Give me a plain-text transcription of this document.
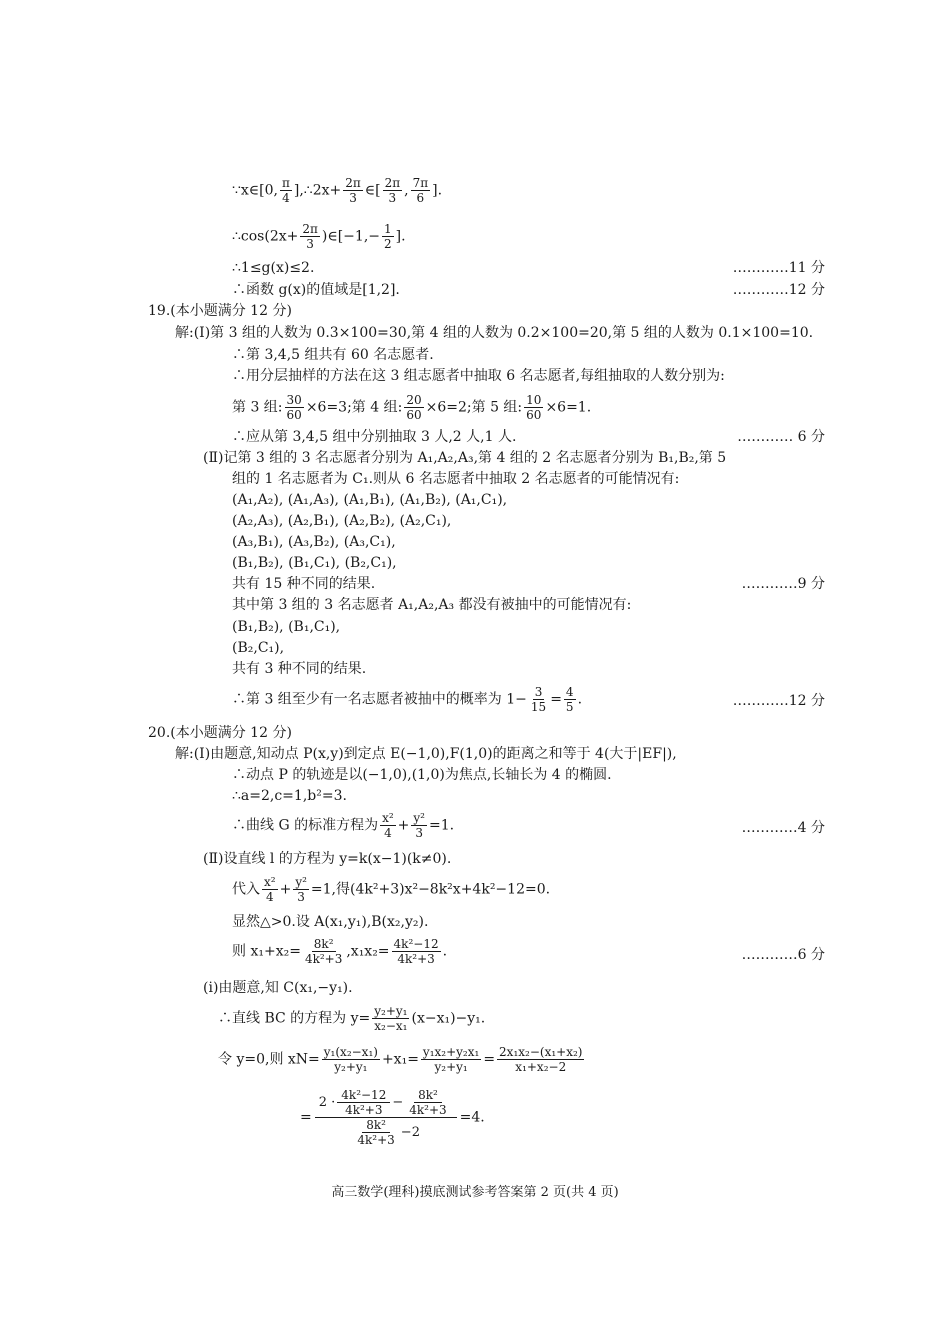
∵x∈[0, $\frac{\pi}{4}$ ],∴2x+ $\frac{2\pi}{3}$ ∈[ $\frac{2\pi}{3}$ , $\frac{7\pi}{6}$ ].
∴cos(2x+ $\frac{2\pi}{3}$ )∈[−1,− $\frac{1}{2}$ ].
∴1≤g(x)≤2.	…………11 分
∴函数 g(x)的值域是[1,2].	…………12 分
19.(本小题满分 12 分)
解:(Ⅰ)第 3 组的人数为 0.3×100=30,第 4 组的人数为 0.2×100=20,第 5 组的人数为 0.1×100=10.
∴第 3,4,5 组共有 60 名志愿者.
∴用分层抽样的方法在这 3 组志愿者中抽取 6 名志愿者,每组抽取的人数分别为:
第 3 组: $\frac{30}{60} \times 6=3$;第 4 组: $\frac{20}{60} \times 6=2$;第 5 组: $\frac{10}{60} \times 6=1$.
∴应从第 3,4,5 组中分别抽取 3 人,2 人,1 人.	………… 6 分
(Ⅱ)记第 3 组的 3 名志愿者分别为 A₁,A₂,A₃,第 4 组的 2 名志愿者分别为 B₁,B₂,第 5
组的 1 名志愿者为 C₁.则从 6 名志愿者中抽取 2 名志愿者的可能情况有:
(A₁,A₂), (A₁,A₃), (A₁,B₁), (A₁,B₂), (A₁,C₁),
(A₂,A₃), (A₂,B₁), (A₂,B₂), (A₂,C₁),
(A₃,B₁), (A₃,B₂), (A₃,C₁),
(B₁,B₂), (B₁,C₁), (B₂,C₁),
共有 15 种不同的结果.	…………9 分
其中第 3 组的 3 名志愿者 A₁,A₂,A₃ 都没有被抽中的可能情况有:
(B₁,B₂), (B₁,C₁),
(B₂,C₁),
共有 3 种不同的结果.
∴第 3 组至少有一名志愿者被抽中的概率为 $1- \frac{3}{15} = \frac{4}{5}$ .	…………12 分
20.(本小题满分 12 分)
解:(Ⅰ)由题意,知动点 P(x,y)到定点 E(−1,0),F(1,0)的距离之和等于 4(大于|EF|),
∴动点 P 的轨迹是以(−1,0),(1,0)为焦点,长轴长为 4 的椭圆.
∴a=2,c=1,b²=3.
∴曲线 G 的标准方程为 $\frac{\text{x²}}{4} + \frac{\text{y²}}{3} =1$.	…………4 分
(Ⅱ)设直线 l 的方程为 y=k(x−1)(k≠0).
代入 $\frac{\text{x²}}{4} + \frac{\text{y²}}{3} =1$,得(4k²+3)x²−8k²x+4k²−12=0.
显然△>0.设 A(x₁,y₁),B(x₂,y₂).
则 $x_1+x_2= \frac{\text{8k²}}{\text{4k²+3}} ,x_1x_2= \frac{\text{4k²−12}}{\text{4k²+3}}$ .	…………6 分
(i)由题意,知 C(x₁,−y₁).
∴直线 BC 的方程为 $y= \frac{\text{y₂+y₁}}{\text{x₂−x₁}} (x-x_1)-y_1$.
令 y=0,则 $xN= \frac{\text{y₁(x₂−x₁)}}{\text{y₂+y₁}} +x_1= \frac{\text{y₁x₂+y₂x₁}}{\text{y₂+y₁}} = \frac{\text{2x₁x₂−(x₁+x₂)}}{\text{x₁+x₂−2}}$
= $\frac{2 \cdot \frac{\text{4k²−12}}{\text{4k²+3}} - \frac{\text{8k²}}{\text{4k²+3}}}{\frac{\text{8k²}}{\text{4k²+3}} -2} =4$.
高三数学(理科)摸底测试参考答案第 2 页(共 4 页)
